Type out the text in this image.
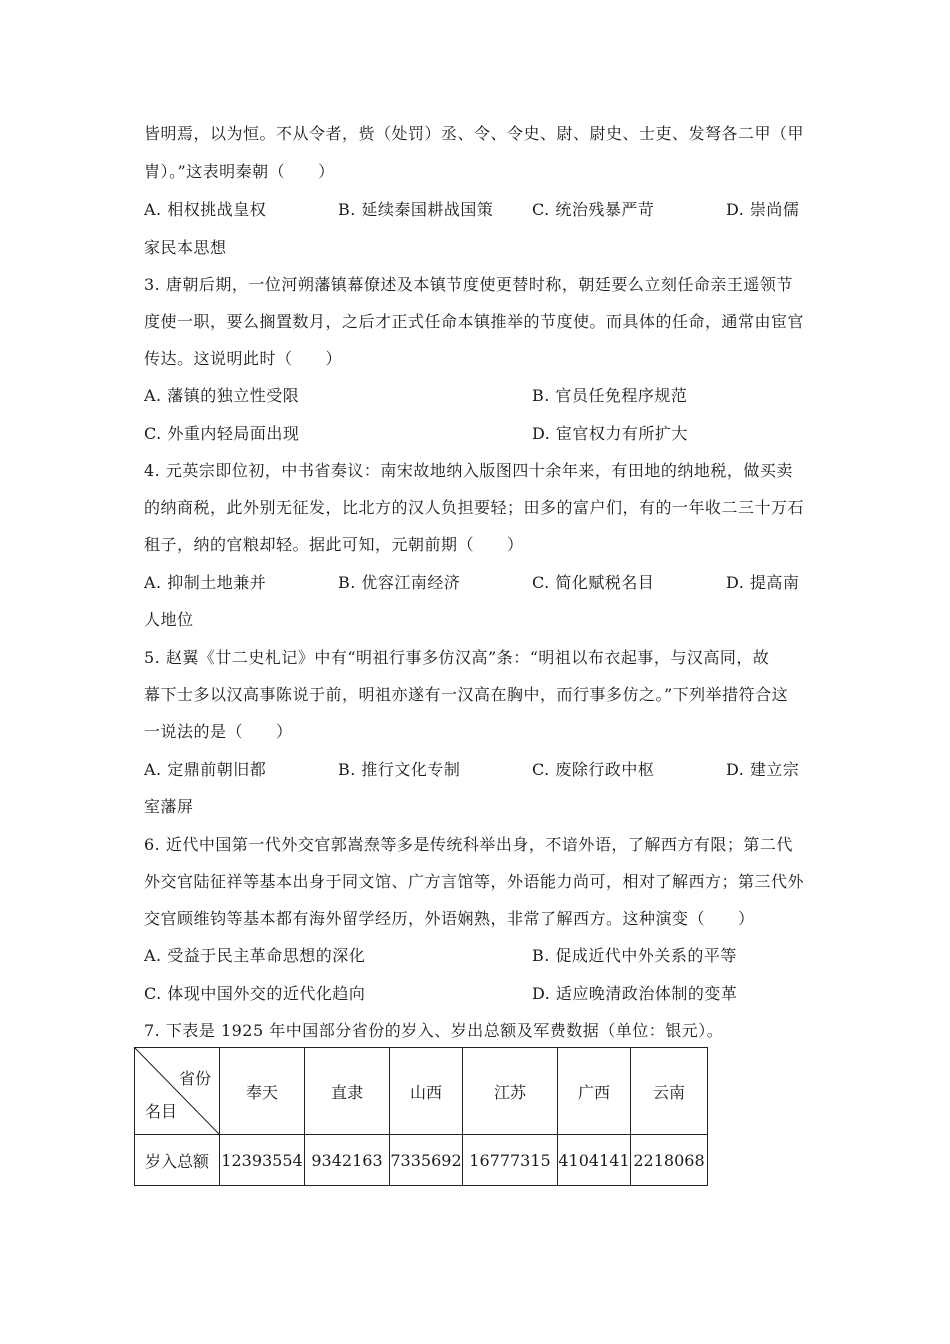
皆明焉，以为恒。不从令者，赀（处罚）丞、令、令史、尉、尉史、士吏、发弩各二甲（甲
胄）。”这表明秦朝（　　）
A. 相权挑战皇权	B. 延续秦国耕战国策 C. 统治残暴严苛	D. 崇尚儒
家民本思想
3. 唐朝后期，一位河朔藩镇幕僚述及本镇节度使更替时称，朝廷要么立刻任命亲王遥领节
度使一职，要么搁置数月，之后才正式任命本镇推举的节度使。而具体的任命，通常由宦官
传达。这说明此时（　　）
A. 藩镇的独立性受限	B. 官员任免程序规范
C. 外重内轻局面出现	D. 宦官权力有所扩大
4. 元英宗即位初，中书省奏议：南宋故地纳入版图四十余年来，有田地的纳地税，做买卖
的纳商税，此外别无征发，比北方的汉人负担要轻；田多的富户们，有的一年收二三十万石
租子，纳的官粮却轻。据此可知，元朝前期（　　）
A. 抑制土地兼并	B. 优容江南经济	C. 简化赋税名目	D. 提高南
人地位
5. 赵翼《廿二史札记》中有“明祖行事多仿汉高”条：“明祖以布衣起事，与汉高同，故
幕下士多以汉高事陈说于前，明祖亦遂有一汉高在胸中，而行事多仿之。”下列举措符合这
一说法的是（　　）
A. 定鼎前朝旧都	B. 推行文化专制	C. 废除行政中枢	D. 建立宗
室藩屏
6. 近代中国第一代外交官郭嵩焘等多是传统科举出身，不谙外语，了解西方有限；第二代
外交官陆征祥等基本出身于同文馆、广方言馆等，外语能力尚可，相对了解西方；第三代外
交官顾维钧等基本都有海外留学经历，外语娴熟，非常了解西方。这种演变（　　）
A. 受益于民主革命思想的深化	B. 促成近代中外关系的平等
C. 体现中国外交的近代化趋向	D. 适应晚清政治体制的变革
7. 下表是 1925 年中国部分省份的岁入、岁出总额及军费数据（单位：银元）。
省份
名目	奉天	直隶	山西	江苏	广西	云南
岁入总额	12393554	9342163	7335692	16777315	4104141	2218068
